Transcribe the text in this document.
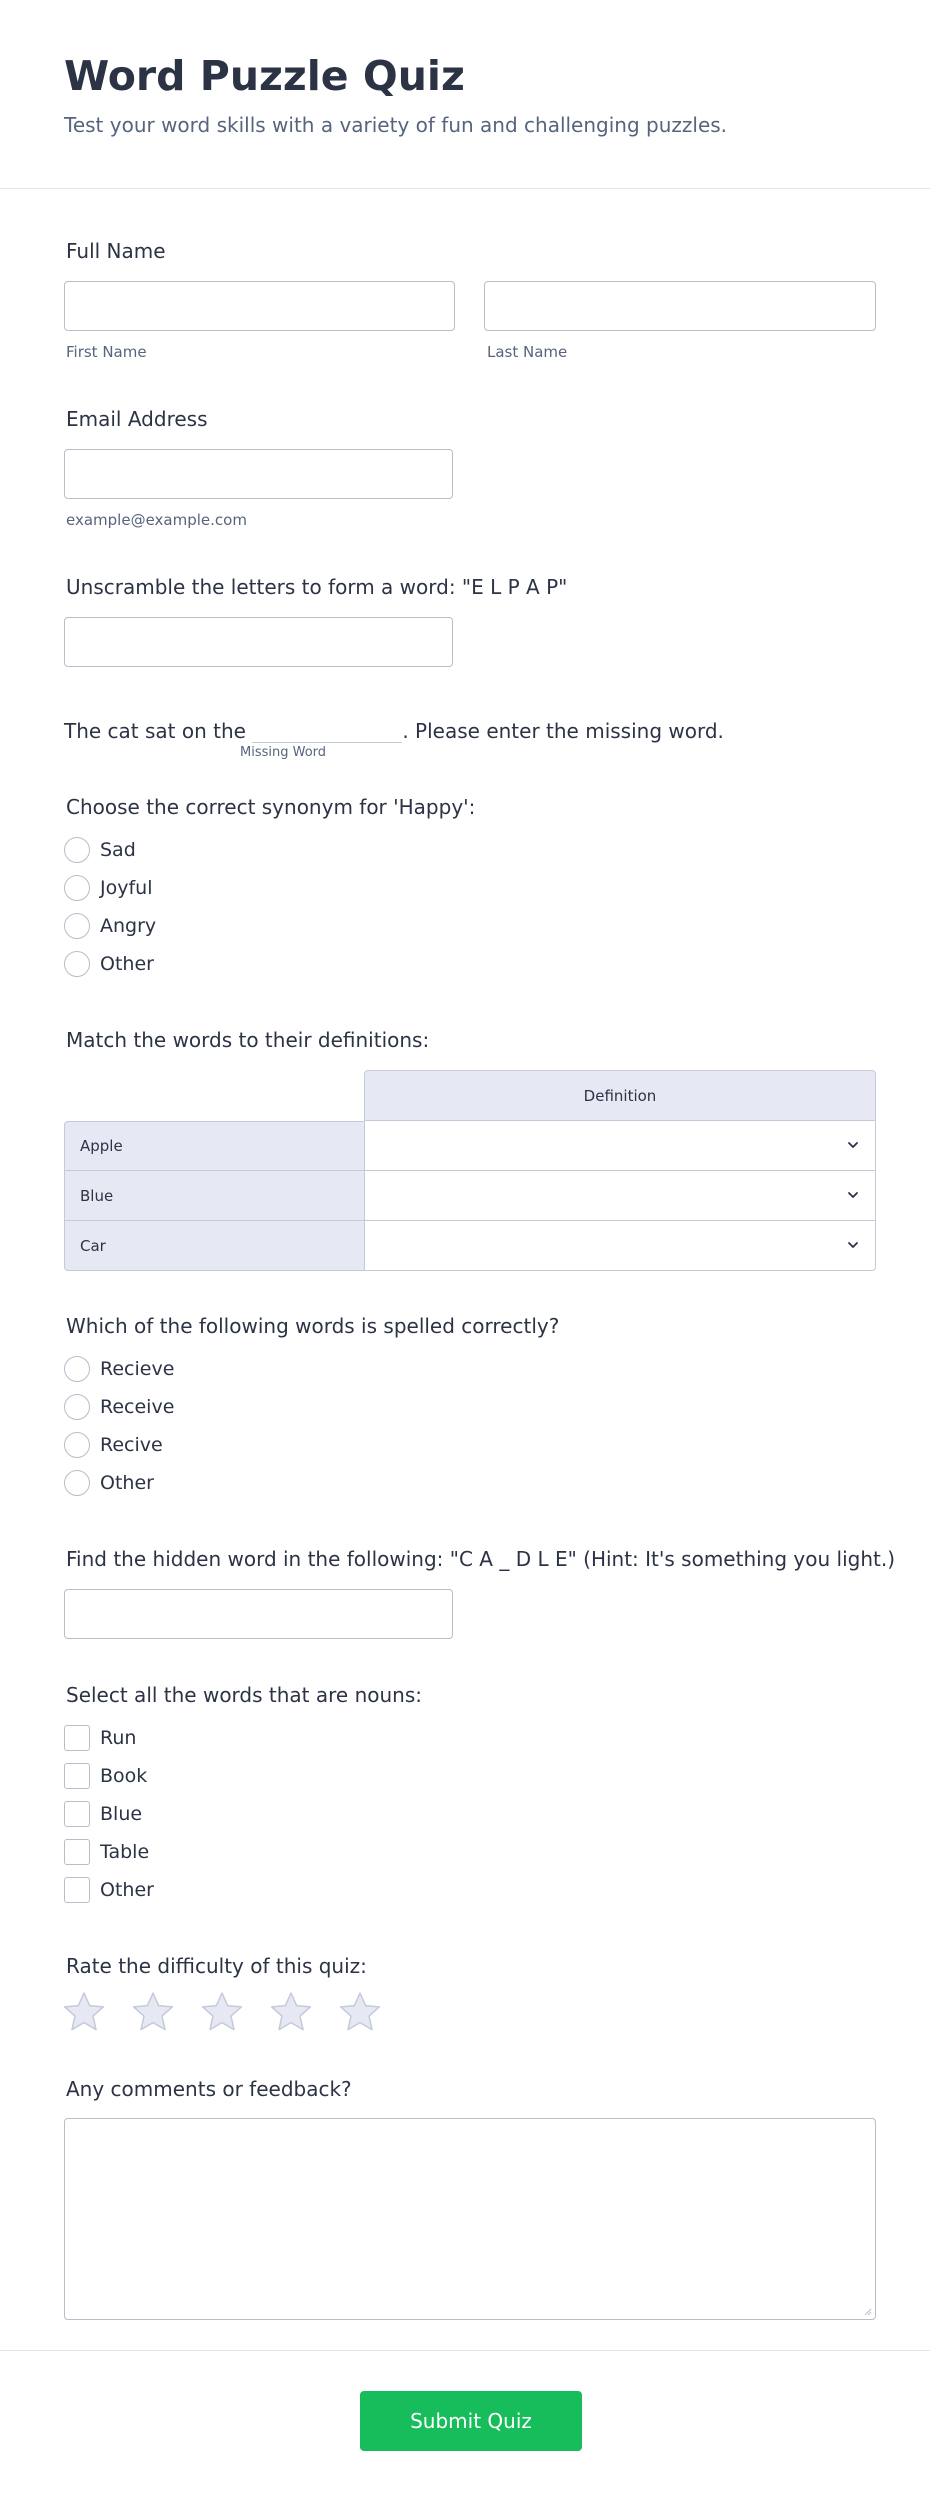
Word Puzzle Quiz

Test your word skills with a variety of fun and challenging puzzles.

Full Name
First Name	Last Name
Email Address
example@example.com
Unscramble the letters to form a word: "E L P A P"
The cat sat on the	. Please enter the missing word.
Missing Word
Choose the correct synonym for 'Happy':
Sad
Joyful
Angry
Other
Match the words to their definitions:
Definition
Apple
Blue
Car
Which of the following words is spelled correctly?
Recieve
Receive
Recive
Other
Find the hidden word in the following: "C A _ D L E" (Hint: It's something you light.)
Select all the words that are nouns:
Run
Book
Blue
Table
Other
Rate the difficulty of this quiz:
Any comments or feedback?
Submit Quiz
